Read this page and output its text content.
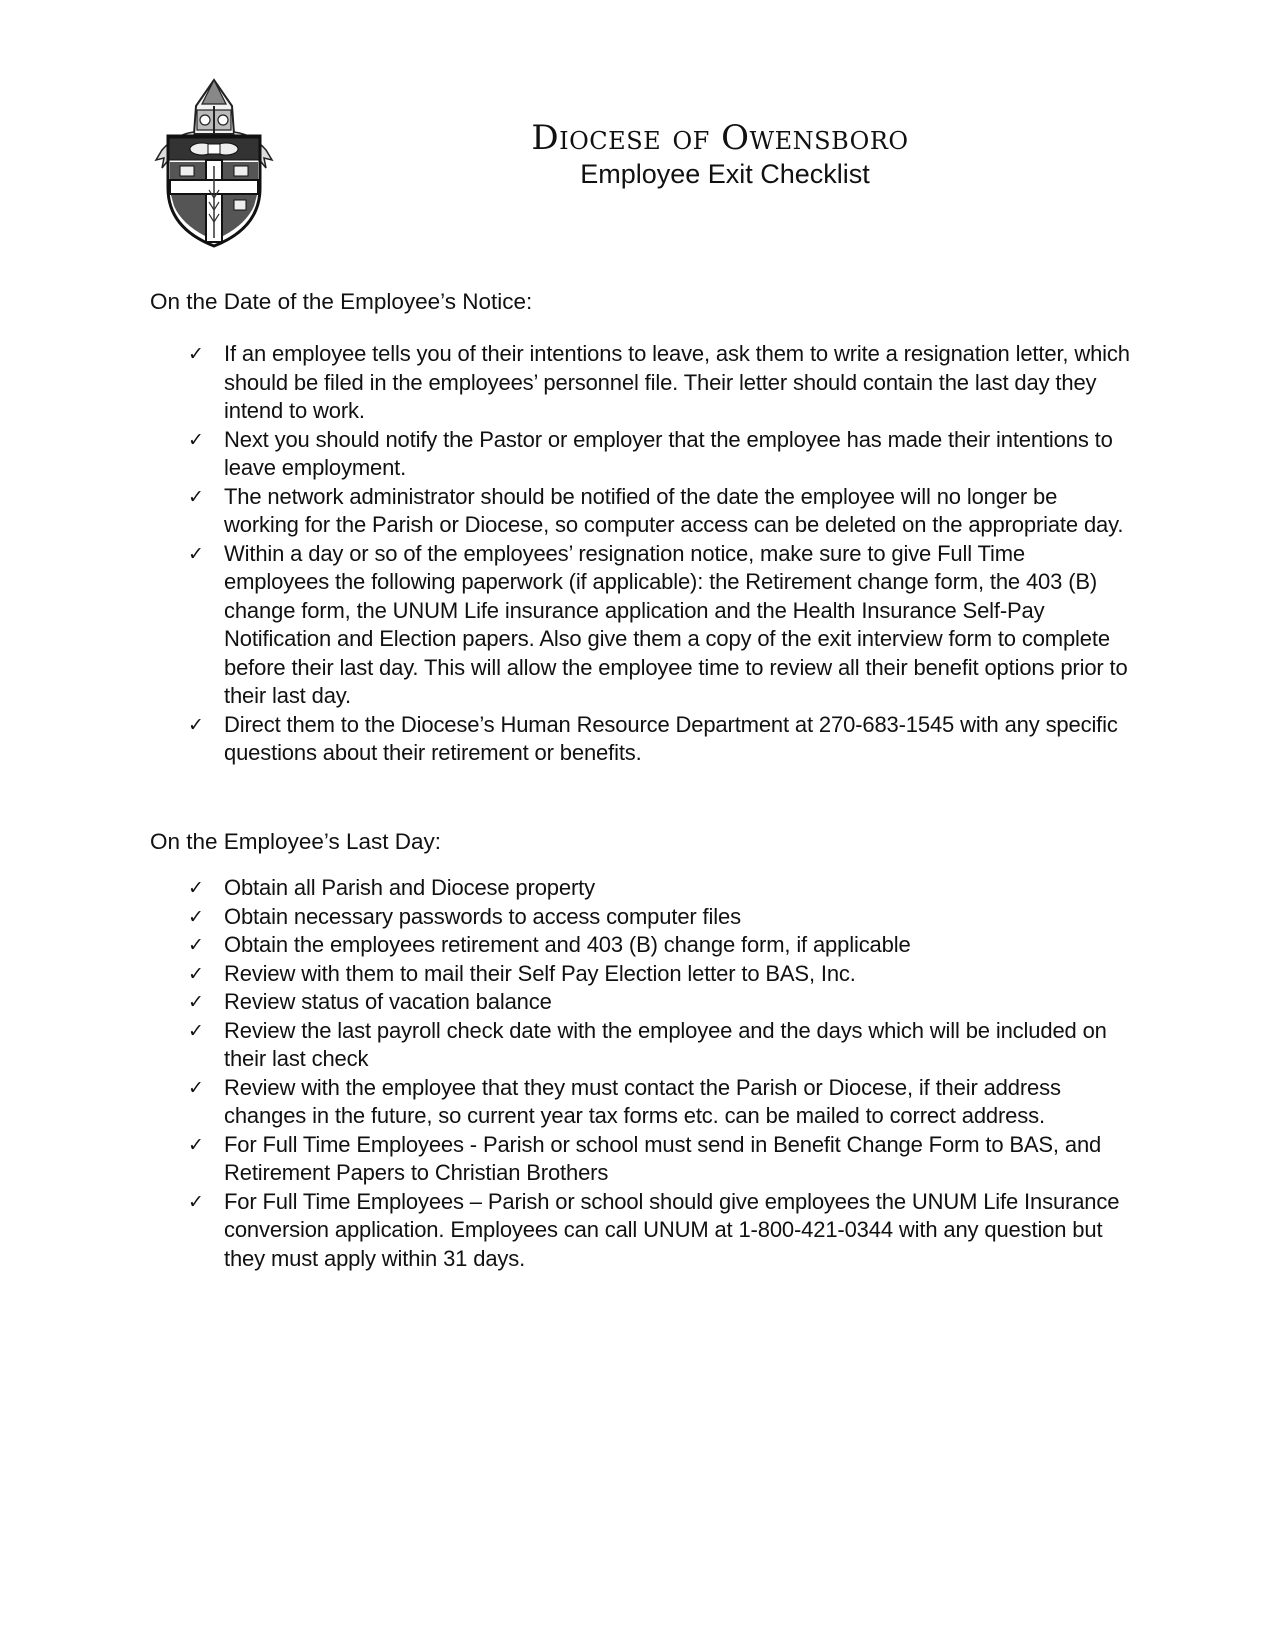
Diocese of Owensboro

Employee Exit Checklist

On the Date of the Employee’s Notice:

✓ If an employee tells you of their intentions to leave, ask them to write a resignation letter, which should be filed in the employees’ personnel file. Their letter should contain the last day they intend to work.
✓ Next you should notify the Pastor or employer that the employee has made their intentions to leave employment.
✓ The network administrator should be notified of the date the employee will no longer be working for the Parish or Diocese, so computer access can be deleted on the appropriate day.
✓ Within a day or so of the employees’ resignation notice, make sure to give Full Time employees the following paperwork (if applicable): the Retirement change form, the 403 (B) change form, the UNUM Life insurance application and the Health Insurance Self-Pay Notification and Election papers. Also give them a copy of the exit interview form to complete before their last day. This will allow the employee time to review all their benefit options prior to their last day.
✓ Direct them to the Diocese’s Human Resource Department at 270-683-1545 with any specific questions about their retirement or benefits.

On the Employee’s Last Day:

✓ Obtain all Parish and Diocese property
✓ Obtain necessary passwords to access computer files
✓ Obtain the employees retirement and 403 (B) change form, if applicable
✓ Review with them to mail their Self Pay Election letter to BAS, Inc.
✓ Review status of vacation balance
✓ Review the last payroll check date with the employee and the days which will be included on their last check
✓ Review with the employee that they must contact the Parish or Diocese, if their address changes in the future, so current year tax forms etc. can be mailed to correct address.
✓ For Full Time Employees - Parish or school must send in Benefit Change Form to BAS, and Retirement Papers to Christian Brothers
✓ For Full Time Employees – Parish or school should give employees the UNUM Life Insurance conversion application. Employees can call UNUM at 1-800-421-0344 with any question but they must apply within 31 days.
